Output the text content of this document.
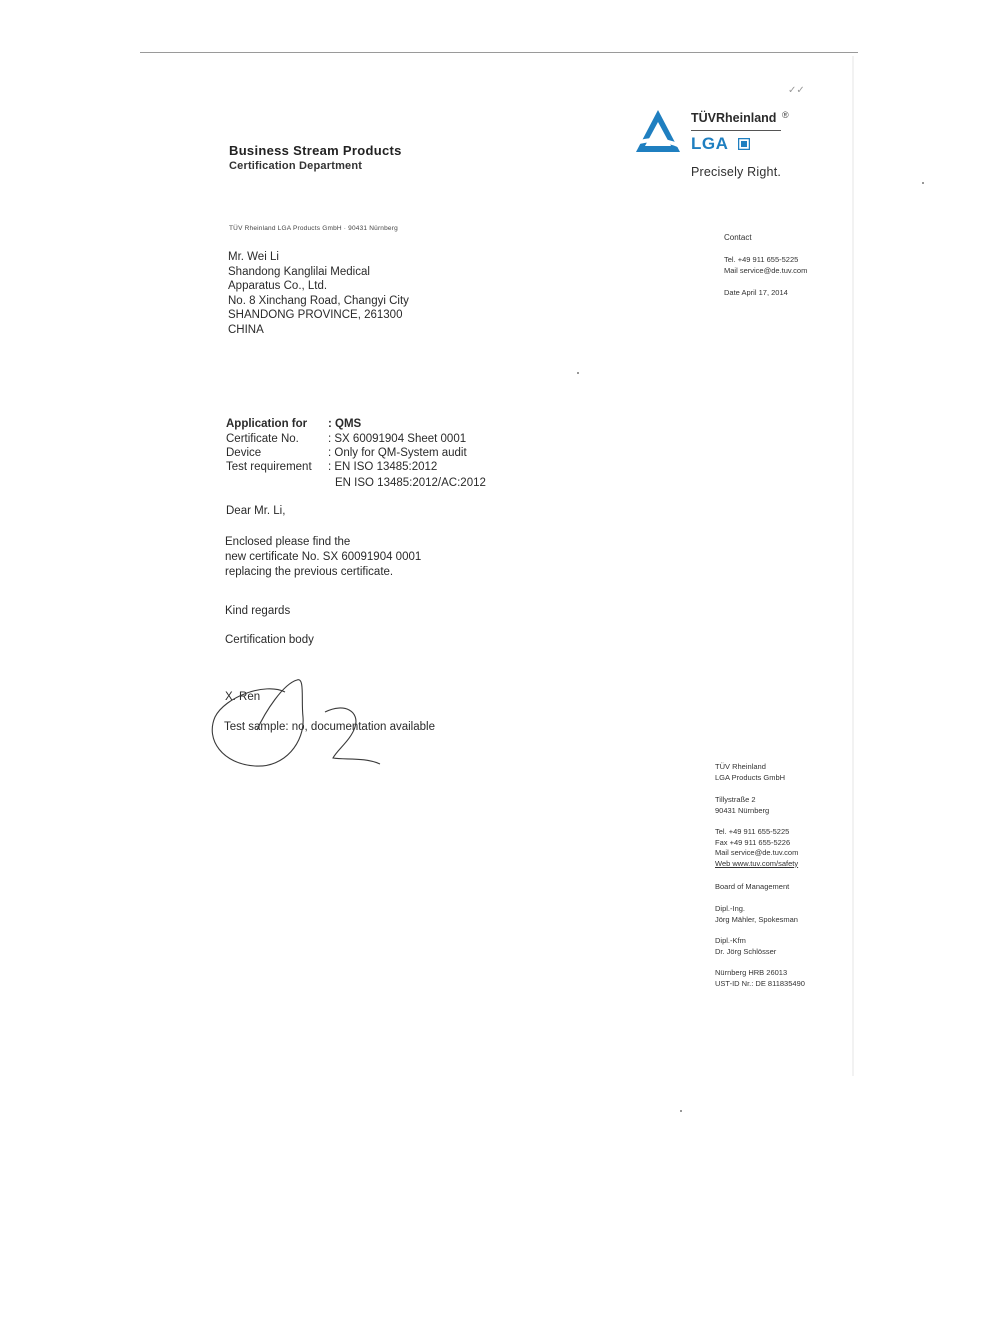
Business Stream Products
Certification Department
✓✓
TÜVRheinland ®
LGA
Precisely Right.
TÜV Rheinland LGA Products GmbH · 90431 Nürnberg
Mr. Wei Li
Shandong Kanglilai Medical
Apparatus Co., Ltd.
No. 8 Xinchang Road, Changyi City
SHANDONG PROVINCE, 261300
CHINA
Contact
Tel. +49 911 655-5225
Mail service@de.tuv.com
Date April 17, 2014
Application for : QMS
Certificate No.	: SX 60091904 Sheet 0001
Device	: Only for QM-System audit
Test requirement : EN ISO 13485:2012
EN ISO 13485:2012/AC:2012
Dear Mr. Li,
Enclosed please find the
new certificate No. SX 60091904 0001
replacing the previous certificate.
Kind regards
Certification body
X. Ren
Test sample: no, documentation available
TÜV Rheinland
LGA Products GmbH
Tillystraße 2
90431 Nürnberg
Tel. +49 911 655-5225
Fax +49 911 655-5226
Mail service@de.tuv.com
Web www.tuv.com/safety
Board of Management
Dipl.-Ing.
Jörg Mähler, Spokesman
Dipl.-Kfm
Dr. Jörg Schlösser
Nürnberg HRB 26013
UST-ID Nr.: DE 811835490
